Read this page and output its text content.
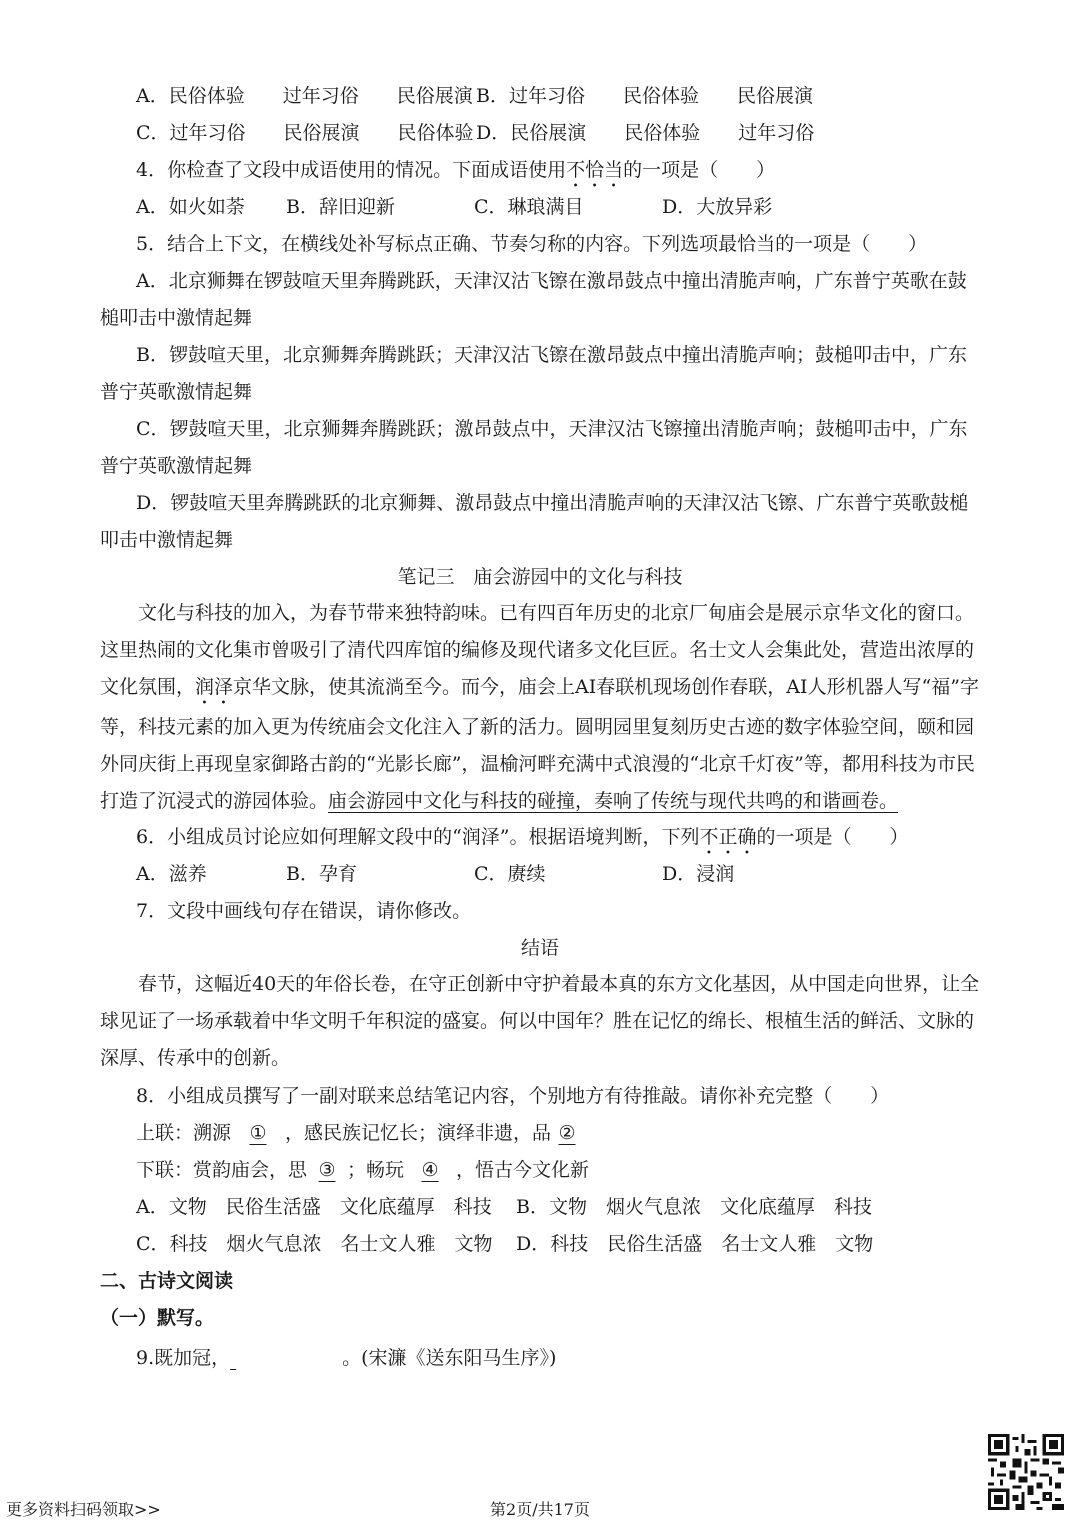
A．民俗体验　　过年习俗　　民俗展演 B．过年习俗　　民俗体验　　民俗展演
C．过年习俗　　民俗展演　　民俗体验 D．民俗展演　　民俗体验　　过年习俗
4．你检查了文段中成语使用的情况。下面成语使用不恰当的一项是（　　）
A．如火如荼 B．辞旧迎新	C．琳琅满目	D．大放异彩
5．结合上下文，在横线处补写标点正确、节奏匀称的内容。下列选项最恰当的一项是（　　）
A．北京狮舞在锣鼓喧天里奔腾跳跃，天津汉沽飞镲在激昂鼓点中撞出清脆声响，广东普宁英歌在鼓
槌叩击中激情起舞
B．锣鼓喧天里，北京狮舞奔腾跳跃；天津汉沽飞镲在激昂鼓点中撞出清脆声响；鼓槌叩击中，广东
普宁英歌激情起舞
C．锣鼓喧天里，北京狮舞奔腾跳跃；激昂鼓点中，天津汉沽飞镲撞出清脆声响；鼓槌叩击中，广东
普宁英歌激情起舞
D．锣鼓喧天里奔腾跳跃的北京狮舞、激昂鼓点中撞出清脆声响的天津汉沽飞镲、广东普宁英歌鼓槌
叩击中激情起舞
笔记三　庙会游园中的文化与科技
　　文化与科技的加入，为春节带来独特韵味。已有四百年历史的北京厂甸庙会是展示京华文化的窗口。这里热闹的文化集市曾吸引了清代四库馆的编修及现代诸多文化巨匠。名士文人会集此处，营造出浓厚的文化氛围，润泽京华文脉，使其流淌至今。而今，庙会上AI春联机现场创作春联，AI人形机器人写“福”字等，科技元素的加入更为传统庙会文化注入了新的活力。圆明园里复刻历史古迹的数字体验空间，颐和园外同庆街上再现皇家御路古韵的“光影长廊”，温榆河畔充满中式浪漫的“北京千灯夜”等，都用科技为市民打造了沉浸式的游园体验。庙会游园中文化与科技的碰撞，奏响了传统与现代共鸣的和谐画卷。
6．小组成员讨论应如何理解文段中的“润泽”。根据语境判断，下列不正确的一项是（　　）
A．滋养	B．孕育	C．赓续	D．浸润
7．文段中画线句存在错误，请你修改。
结语
　　春节，这幅近40天的年俗长卷，在守正创新中守护着最本真的东方文化基因，从中国走向世界，让全球见证了一场承载着中华文明千年积淀的盛宴。何以中国年？胜在记忆的绵长、根植生活的鲜活、文脉的深厚、传承中的创新。
8．小组成员撰写了一副对联来总结笔记内容，个别地方有待推敲。请你补充完整（　　）
上联：溯源 ① ，感民族记忆长；演绎非遗，品 ②
下联：赏韵庙会，思 ③ ；畅玩 ④ ，悟古今文化新
A．文物　民俗生活盛　文化底蕴厚　科技 B．文物　烟火气息浓　文化底蕴厚　科技
C．科技　烟火气息浓　名士文人雅　文物 D．科技　民俗生活盛　名士文人雅　文物
二、古诗文阅读
（一）默写。
9.既加冠，	。(宋濂《送东阳马生序》)
更多资料扫码领取>>	第2页/共17页
